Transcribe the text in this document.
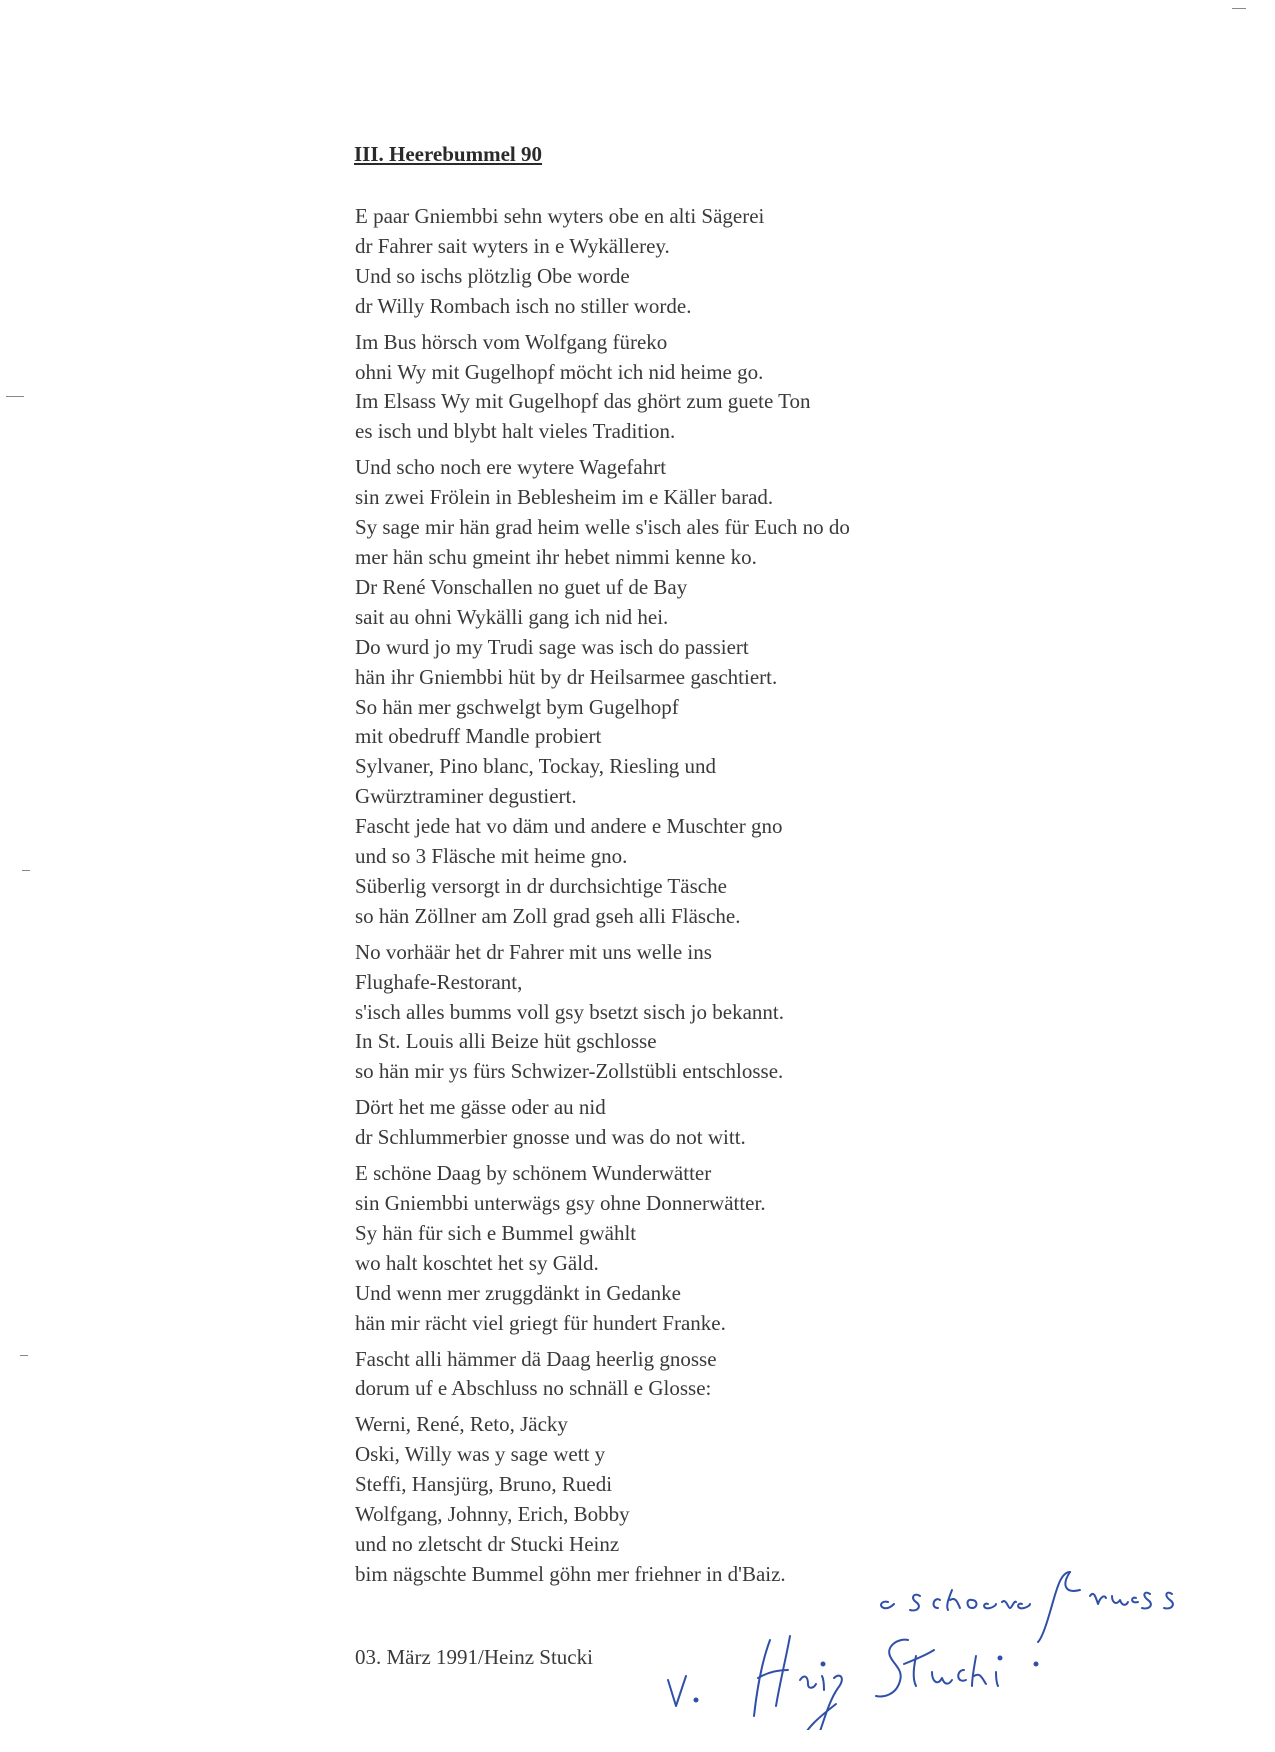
III. Heerebummel 90
E paar Gniembbi sehn wyters obe en alti Sägerei
dr Fahrer sait wyters in e Wykällerey.
Und so ischs plötzlig Obe worde
dr Willy Rombach isch no stiller worde.
Im Bus hörsch vom Wolfgang füreko
ohni Wy mit Gugelhopf möcht ich nid heime go.
Im Elsass Wy mit Gugelhopf das ghört zum guete Ton
es isch und blybt halt vieles Tradition.
Und scho noch ere wytere Wagefahrt
sin zwei Frölein in Beblesheim im e Käller barad.
Sy sage mir hän grad heim welle s'isch ales für Euch no do
mer hän schu gmeint ihr hebet nimmi kenne ko.
Dr René Vonschallen no guet uf de Bay
sait au ohni Wykälli gang ich nid hei.
Do wurd jo my Trudi sage was isch do passiert
hän ihr Gniembbi hüt by dr Heilsarmee gaschtiert.
So hän mer gschwelgt bym Gugelhopf
mit obedruff Mandle probiert
Sylvaner, Pino blanc, Tockay, Riesling und
Gwürztraminer degustiert.
Fascht jede hat vo däm und andere e Muschter gno
und so 3 Fläsche mit heime gno.
Süberlig versorgt in dr durchsichtige Täsche
so hän Zöllner am Zoll grad gseh alli Fläsche.
No vorhäär het dr Fahrer mit uns welle ins
Flughafe-Restorant,
s'isch alles bumms voll gsy bsetzt sisch jo bekannt.
In St. Louis alli Beize hüt gschlosse
so hän mir ys fürs Schwizer-Zollstübli entschlosse.
Dört het me gässe oder au nid
dr Schlummerbier gnosse und was do not witt.
E schöne Daag by schönem Wunderwätter
sin Gniembbi unterwägs gsy ohne Donnerwätter.
Sy hän für sich e Bummel gwählt
wo halt koschtet het sy Gäld.
Und wenn mer zruggdänkt in Gedanke
hän mir rächt viel griegt für hundert Franke.
Fascht alli hämmer dä Daag heerlig gnosse
dorum uf e Abschluss no schnäll e Glosse:
Werni, René, Reto, Jäcky
Oski, Willy was y sage wett y
Steffi, Hansjürg, Bruno, Ruedi
Wolfgang, Johnny, Erich, Bobby
und no zletscht dr Stucki Heinz
bim nägschte Bummel göhn mer friehner in d'Baiz.
03. März 1991/Heinz Stucki
